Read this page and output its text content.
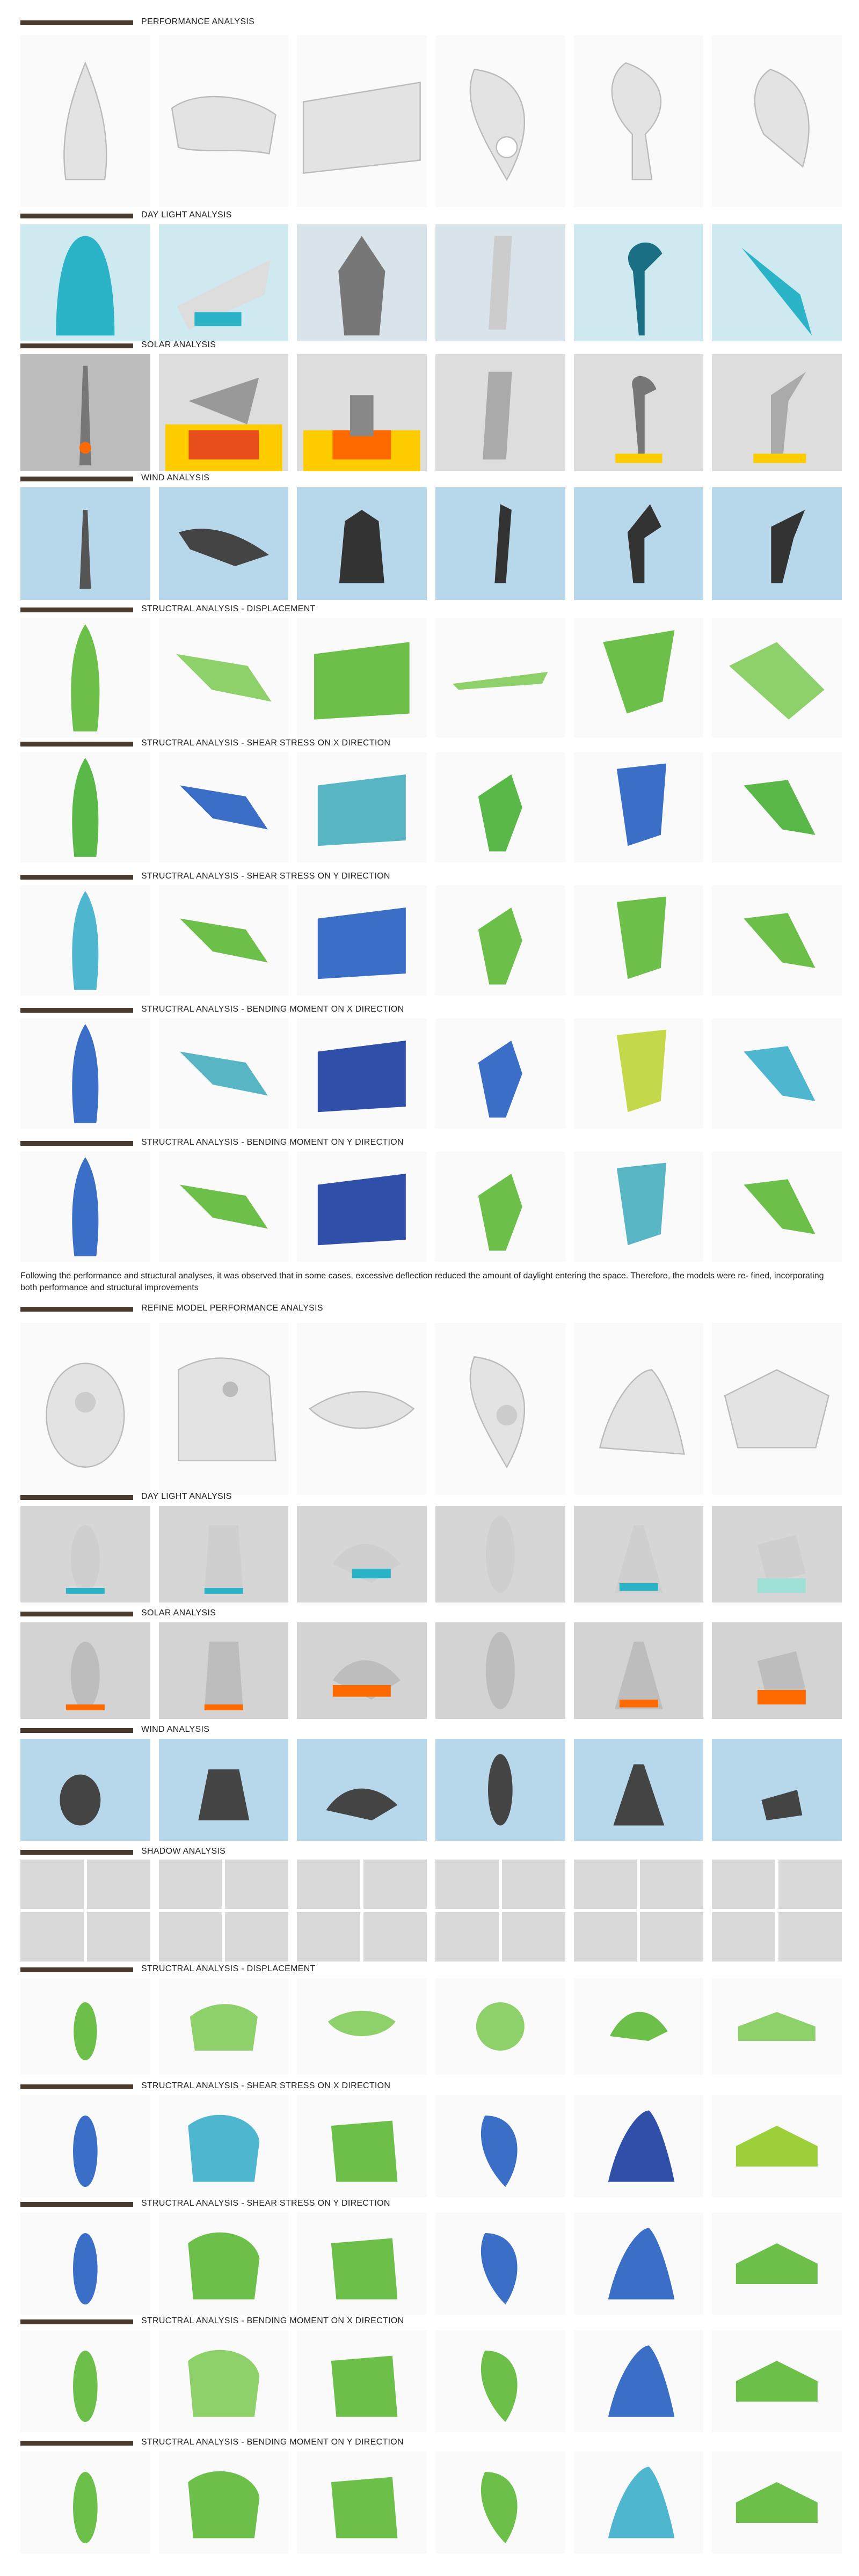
PERFORMANCE ANALYSIS
DAY LIGHT ANALYSIS
SOLAR ANALYSIS
WIND ANALYSIS
STRUCTRAL ANALYSIS - DISPLACEMENT
STRUCTRAL ANALYSIS - SHEAR STRESS ON X DIRECTION
STRUCTRAL ANALYSIS - SHEAR STRESS ON Y DIRECTION
STRUCTRAL ANALYSIS - BENDING MOMENT ON X DIRECTION
STRUCTRAL ANALYSIS - BENDING MOMENT ON Y DIRECTION
Following the performance and structural analyses, it was observed that in some cases, excessive deflection reduced the amount of daylight entering the space. Therefore, the models were re- fined, incorporating both performance and structural improvements
REFINE MODEL PERFORMANCE ANALYSIS
DAY LIGHT ANALYSIS
SOLAR ANALYSIS
WIND ANALYSIS
SHADOW ANALYSIS
STRUCTRAL ANALYSIS - DISPLACEMENT
STRUCTRAL ANALYSIS - SHEAR STRESS ON X DIRECTION
STRUCTRAL ANALYSIS - SHEAR STRESS ON Y DIRECTION
STRUCTRAL ANALYSIS - BENDING MOMENT ON X DIRECTION
STRUCTRAL ANALYSIS - BENDING MOMENT ON Y DIRECTION
